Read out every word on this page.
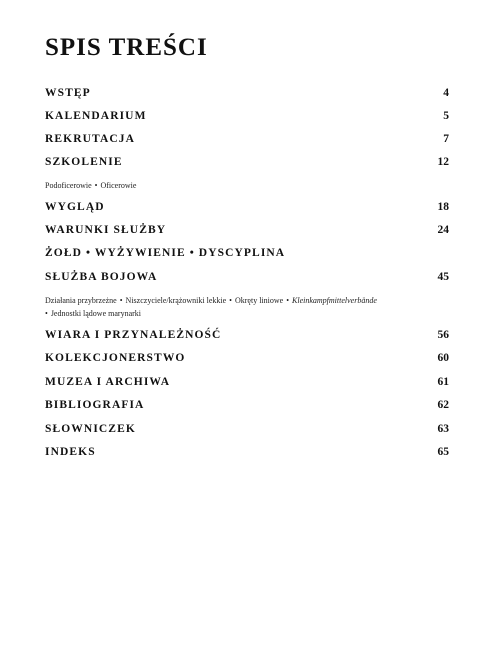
SPIS TREŚCI
WSTĘP	4
KALENDARIUM	5
REKRUTACJA	7
SZKOLENIE	12
Podoficerowie • Oficerowie
WYGLĄD	18
WARUNKI SŁUŻBY	24
ŻOŁD • WYŻYWIENIE • DYSCYPLINA
SŁUŻBA BOJOWA	45
Działania przybrzeżne • Niszczyciele/krążowniki lekkie • Okręty liniowe • Kleinkampfmittelverbände
• Jednostki lądowe marynarki
WIARA I PRZYNALEŻNOŚĆ	56
KOLEKCJONERSTWO	60
MUZEA I ARCHIWA	61
BIBLIOGRAFIA	62
SŁOWNICZEK	63
INDEKS	65
